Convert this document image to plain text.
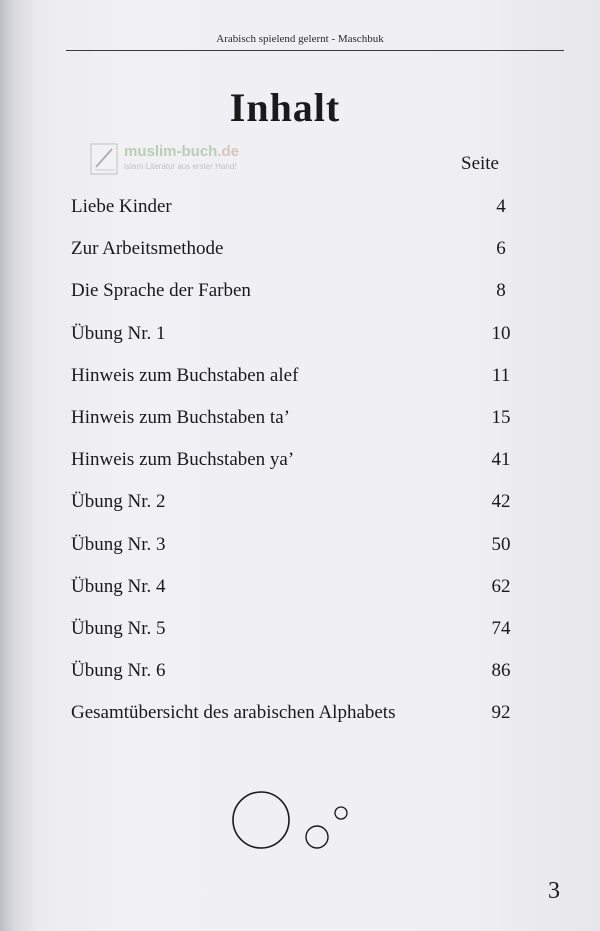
Arabisch spielend gelernt - Maschbuk
Inhalt
muslim-buch.de
Islam-Literatur aus erster Hand!	Seite
Liebe Kinder	4
Zur Arbeitsmethode	6
Die Sprache der Farben	8
Übung Nr. 1	10
Hinweis zum Buchstaben alef	11
Hinweis zum Buchstaben ta’	15
Hinweis zum Buchstaben ya’	41
Übung Nr. 2	42
Übung Nr. 3	50
Übung Nr. 4	62
Übung Nr. 5	74
Übung Nr. 6	86
Gesamtübersicht des arabischen Alphabets	92
3
